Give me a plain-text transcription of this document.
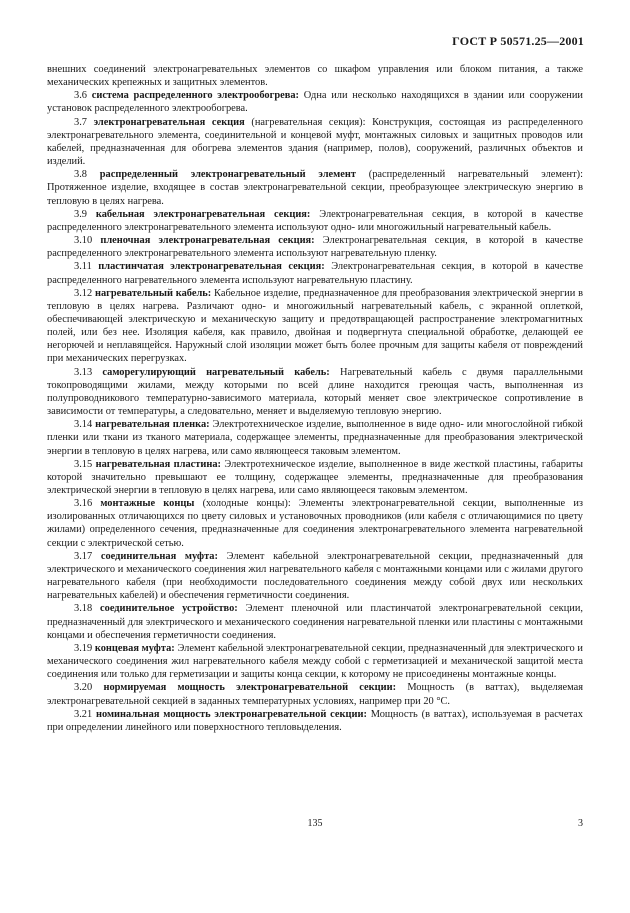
ГОСТ Р 50571.25—2001

внешних соединений электронагревательных элементов со шкафом управления или блоком питания, а также механических крепежных и защитных элементов.

3.6 система распределенного электрообогрева: Одна или несколько находящихся в здании или сооружении установок распределенного электрообогрева.

3.7 электронагревательная секция (нагревательная секция): Конструкция, состоящая из распределенного электронагревательного элемента, соединительной и концевой муфт, монтажных силовых и защитных проводов или кабелей, предназначенная для обогрева элементов здания (например, полов), сооружений, различных объектов и изделий.

3.8 распределенный электронагревательный элемент (распределенный нагревательный элемент): Протяженное изделие, входящее в состав электронагревательной секции, преобразующее электрическую энергию в тепловую в целях нагрева.

3.9 кабельная электронагревательная секция: Электронагревательная секция, в которой в качестве распределенного электронагревательного элемента используют одно- или многожильный нагревательный кабель.

3.10 пленочная электронагревательная секция: Электронагревательная секция, в которой в качестве распределенного электронагревательного элемента используют нагревательную пленку.

3.11 пластинчатая электронагревательная секция: Электронагревательная секция, в которой в качестве распределенного нагревательного элемента используют нагревательную пластину.

3.12 нагревательный кабель: Кабельное изделие, предназначенное для преобразования электрической энергии в тепловую в целях нагрева. Различают одно- и многожильный нагревательный кабель, с экранной оплеткой, обеспечивающей электрическую и механическую защиту и предотвращающей распространение электромагнитных полей, или без нее. Изоляция кабеля, как правило, двойная и подвергнута специальной обработке, делающей ее негорючей и неплавящейся. Наружный слой изоляции может быть более прочным для защиты кабеля от повреждений при механических перегрузках.

3.13 саморегулирующий нагревательный кабель: Нагревательный кабель с двумя параллельными токопроводящими жилами, между которыми по всей длине находится греющая часть, выполненная из полупроводникового температурно-зависимого материала, который меняет свое электрическое сопротивление в зависимости от температуры, а следовательно, меняет и выделяемую тепловую энергию.

3.14 нагревательная пленка: Электротехническое изделие, выполненное в виде одно- или многослойной гибкой пленки или ткани из тканого материала, содержащее элементы, предназначенные для преобразования электрической энергии в тепловую в целях нагрева, или само являющееся таковым элементом.

3.15 нагревательная пластина: Электротехническое изделие, выполненное в виде жесткой пластины, габариты которой значительно превышают ее толщину, содержащее элементы, предназначенные для преобразования электрической энергии в тепловую в целях нагрева, или само являющееся таковым элементом.

3.16 монтажные концы (холодные концы): Элементы электронагревательной секции, выполненные из изолированных отличающихся по цвету силовых и установочных проводников (или кабеля с отличающимися по цвету жилами) определенного сечения, предназначенные для соединения электронагревательного элемента нагревательной секции с электрической сетью.

3.17 соединительная муфта: Элемент кабельной электронагревательной секции, предназначенный для электрического и механического соединения жил нагревательного кабеля с монтажными концами или с жилами другого нагревательного кабеля (при необходимости последовательного соединения между собой двух или нескольких нагревательных кабелей) и обеспечения герметичности соединения.

3.18 соединительное устройство: Элемент пленочной или пластинчатой электронагревательной секции, предназначенный для электрического и механического соединения нагревательной пленки или пластины с монтажными концами и обеспечения герметичности соединения.

3.19 концевая муфта: Элемент кабельной электронагревательной секции, предназначенный для электрического и механического соединения жил нагревательного кабеля между собой с герметизацией и механической защитой места соединения или только для герметизации и защиты конца секции, к которому не присоединены монтажные концы.

3.20 нормируемая мощность электронагревательной секции: Мощность (в ваттах), выделяемая электронагревательной секцией в заданных температурных условиях, например при 20 °С.

3.21 номинальная мощность электронагревательной секции: Мощность (в ваттах), используемая в расчетах при определении линейного или поверхностного тепловыделения.

135	3
